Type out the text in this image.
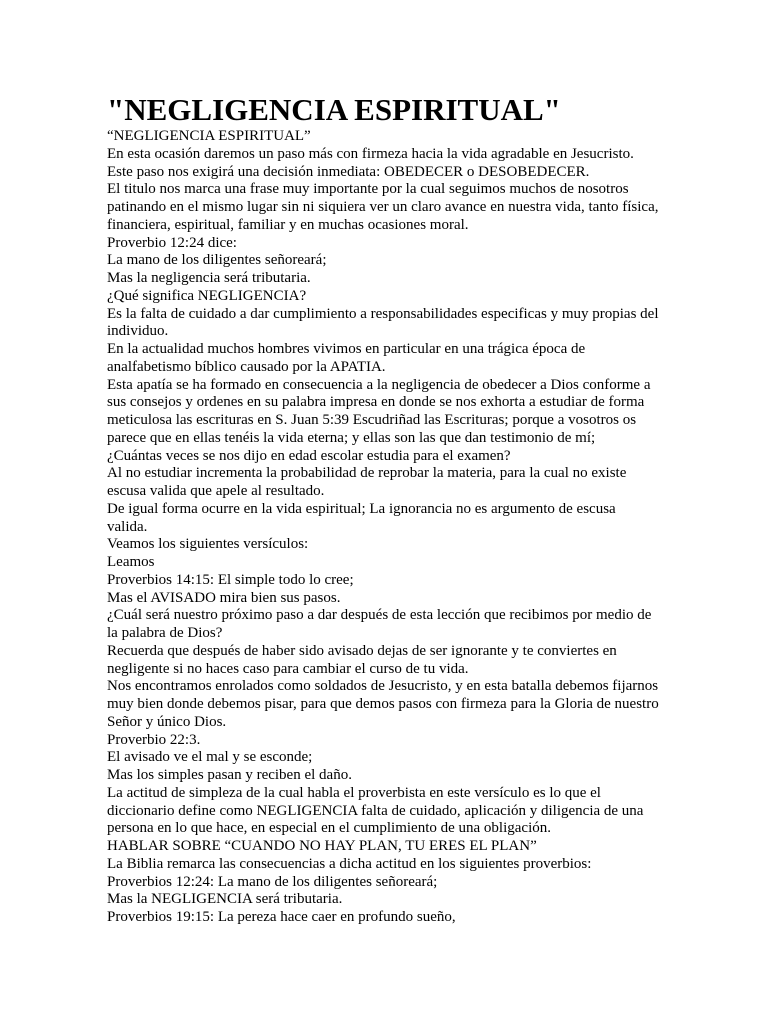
"NEGLIGENCIA ESPIRITUAL"
“NEGLIGENCIA ESPIRITUAL”
En esta ocasión daremos un paso más con firmeza hacia la vida agradable en Jesucristo.
Este paso nos exigirá una decisión inmediata: OBEDECER o DESOBEDECER.
El titulo nos marca una frase muy importante por la cual seguimos muchos de nosotros
patinando en el mismo lugar sin ni siquiera ver un claro avance en nuestra vida, tanto física,
financiera, espiritual, familiar y en muchas ocasiones moral.
Proverbio 12:24 dice:
La mano de los diligentes señoreará;
Mas la negligencia será tributaria.
¿Qué significa NEGLIGENCIA?
Es la falta de cuidado a dar cumplimiento a responsabilidades especificas y muy propias del
individuo.
En la actualidad muchos hombres vivimos en particular en una trágica época de
analfabetismo bíblico causado por la APATIA.
Esta apatía se ha formado en consecuencia a la negligencia de obedecer a Dios conforme a
sus consejos y ordenes en su palabra impresa en donde se nos exhorta a estudiar de forma
meticulosa las escrituras en S. Juan 5:39 Escudriñad las Escrituras; porque a vosotros os
parece que en ellas tenéis la vida eterna; y ellas son las que dan testimonio de mí;
¿Cuántas veces se nos dijo en edad escolar estudia para el examen?
Al no estudiar incrementa la probabilidad de reprobar la materia, para la cual no existe
escusa valida que apele al resultado.
De igual forma ocurre en la vida espiritual; La ignorancia no es argumento de escusa
valida.
Veamos los siguientes versículos:
Leamos
Proverbios 14:15: El simple todo lo cree;
Mas el AVISADO mira bien sus pasos.
¿Cuál será nuestro próximo paso a dar después de esta lección que recibimos por medio de
la palabra de Dios?
Recuerda que después de haber sido avisado dejas de ser ignorante y te conviertes en
negligente si no haces caso para cambiar el curso de tu vida.
Nos encontramos enrolados como soldados de Jesucristo, y en esta batalla debemos fijarnos
muy bien donde debemos pisar, para que demos pasos con firmeza para la Gloria de nuestro
Señor y único Dios.
Proverbio 22:3.
El avisado ve el mal y se esconde;
Mas los simples pasan y reciben el daño.
La actitud de simpleza de la cual habla el proverbista en este versículo es lo que el
diccionario define como NEGLIGENCIA falta de cuidado, aplicación y diligencia de una
persona en lo que hace, en especial en el cumplimiento de una obligación.
HABLAR SOBRE “CUANDO NO HAY PLAN, TU ERES EL PLAN”
La Biblia remarca las consecuencias a dicha actitud en los siguientes proverbios:
Proverbios 12:24: La mano de los diligentes señoreará;
Mas la NEGLIGENCIA será tributaria.
Proverbios 19:15: La pereza hace caer en profundo sueño,
